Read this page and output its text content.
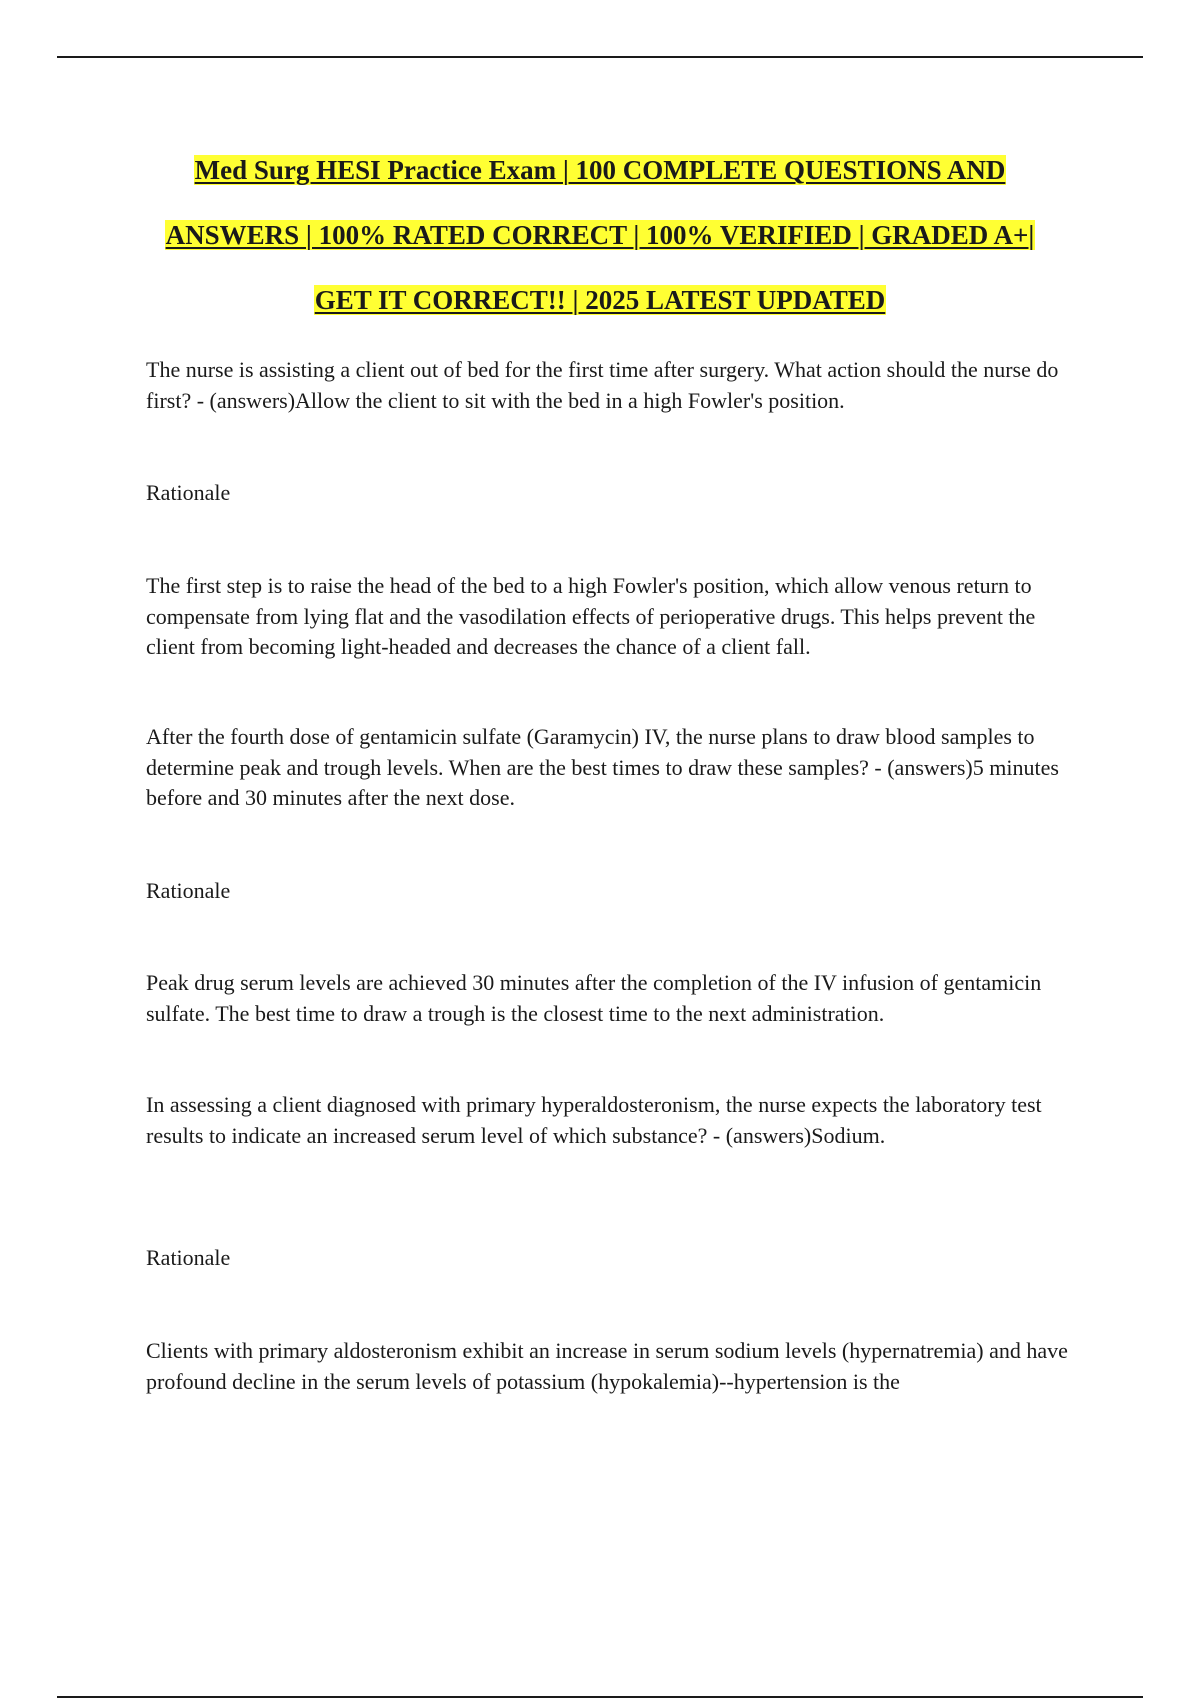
Med Surg HESI Practice Exam | 100 COMPLETE QUESTIONS AND
ANSWERS | 100% RATED CORRECT | 100% VERIFIED | GRADED A+|
GET IT CORRECT!! | 2025 LATEST UPDATED

The nurse is assisting a client out of bed for the first time after surgery. What action should the nurse do first? - (answers)Allow the client to sit with the bed in a high Fowler's position.

Rationale

The first step is to raise the head of the bed to a high Fowler's position, which allow venous return to compensate from lying flat and the vasodilation effects of perioperative drugs. This helps prevent the client from becoming light-headed and decreases the chance of a client fall.

After the fourth dose of gentamicin sulfate (Garamycin) IV, the nurse plans to draw blood samples to determine peak and trough levels. When are the best times to draw these samples? - (answers)5 minutes before and 30 minutes after the next dose.

Rationale

Peak drug serum levels are achieved 30 minutes after the completion of the IV infusion of gentamicin sulfate. The best time to draw a trough is the closest time to the next administration.

In assessing a client diagnosed with primary hyperaldosteronism, the nurse expects the laboratory test results to indicate an increased serum level of which substance? - (answers)Sodium.

Rationale

Clients with primary aldosteronism exhibit an increase in serum sodium levels (hypernatremia) and have profound decline in the serum levels of potassium (hypokalemia)--hypertension is the
